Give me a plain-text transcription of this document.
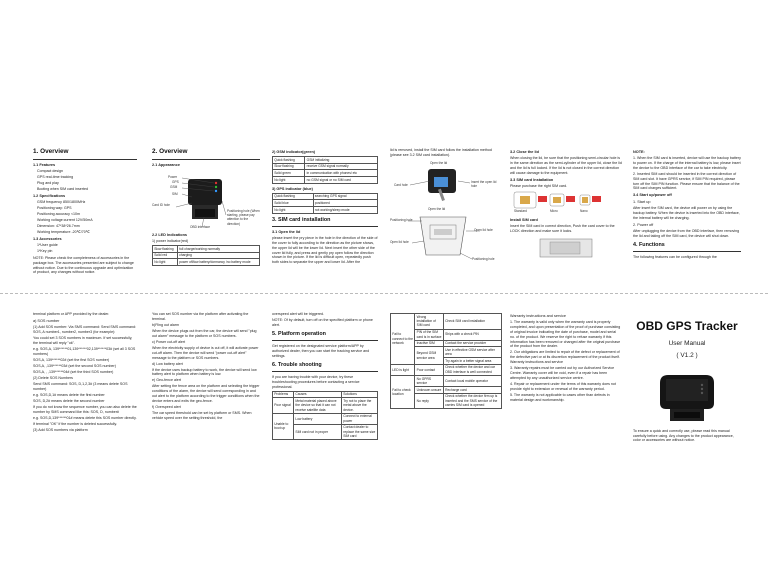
1. Overview
1.1 Features

Compact design

GPS real-time tracking

Plug and play

Booting when SIM card inserted

1.2 Specifications

GSM frequency 850/1800MHz

Positioning way: GPS

Positioning accuracy <10m

Working voltage:current 12V/50mA

Dimension: 47*38*26.7mm

Working temperature -20℃/70℃

1.3 Accessories

1*User guide

1*Key pin

NOTE: Please check the completeness of accessories in the package box. The accessories presented are subject to change without notice. Due to the continuous upgrade and optimization of product, any changes without notice.

2. Overview
2.1 Appearance
Power
GPS
GSM
SIM
Card ID hole
Positioning hole (When starting, please pay attention to the direction)
OBD interface
2.2 LED Indications

1) power indicator(red)

Slow flashing	full charge/working normally
Solid red	charging
No light	power off/low battery/dormancy /no battery mode
2) GSM indicator(green)
Quick flashing	GSM initializing
Slow flashing	receive GSM signal normally
Solid green	in communication with phones/ etc
No light	no GSM signal or no SIM card
3) GPS indicator (blue)
Quick flashing	searching GPS signal
Solid blue	positioned
No light	not working/sleep mode
3. SIM card installation
3.1 Open the lid

please insert the pry piece in the hole in the direction of the side of the cover to fully according to the direction as the picture shows, the upper lid will be the lower lid. Next insert the other side of the cover lid fully, and press and gently pry open follow the direction shown in the picture. If the lid is difficult open, repeatedly push both sides to separate the upper and lower lid. After the

lid is removed, install the SIM card follow the installation method (please see 3.2 SIM card installation).

Open the lid
Card hole
Insert the open lid hole
Open the lid
Positioning hole
Open lid hole
Open lid hole
Positioning hole
3.2 Close the lid

When closing the lid, be sure that the positioning semi-circular hole is in the same direction as the semi-cylinder of the upper lid, close the lid and the lid is full locked. If the lid is not closed in the correct direction will cause damage to the equipment.

3.3 SIM card Installation

Please purchase the right SIM card.

Standard	Micro	Nano
Install SIM card

Insert the SIM card in correct direction, Push the card cover to the LOCK direction and make sure it locks.

NOTE:

1. When the SIM card is inserted, device will use the backup battery to power on. If the charge of the internal battery is low, please insert the device to the OBD interface of the car to take electricity.

2. Inserted SIM card should be inserted in the correct direction of SIM card slot. It have GPRS service, if SIM PIN required, please turn off the SIM PIN function. Please ensure that the balance of the SIM card charges sufficient.

3.4 Start up/power off
1. Start up

After insert the SIM card, the device will power on by using the backup battery. When the device is inserted into the OBD interface, the internal battery will be charging.

2. Power off

After unplugging the device from the OBD interface, then removing the lid and taking off the SIM card, the device will shut down.

4. Functions

The following features can be configured through the

terminal platform or APP provided by the dealer.

a) SOS number

(1) Add SOS number: Via SMS command: Send SMS command: SOS, A number1, number2, number3 (for example):

You could set 3 SOS numbers in maximum. If set successfully, the terminal will reply "ok".

e.g. SOS,A, 139******01,139******02,139******03# (set all 3 SOS numbers)

SOS,A, 139******02# (set the first SOS number)

SOS,A, ,139******03# (set the second SOS number)

SOS,A, , ,139******04# (set the third SOS number)

(2) Delete SOS Numbers

Send SMS command: SOS, D,1,2,3# (3 means delete SOS number)

e.g. SOS,D,1# means delete the first number

SOS, D,2# means delete the second number

If you do not know the sequence number, you can also delete the number by SMS command like this: SOS, D, number#

e.g. SOS,D,139******01# means delete this SOS number directly.

If terminal "OK" if the number is deleted successfully.

(3) Add SOS numbers via platform

You can set SOS number via the platform after activating the terminal.

b)Fling out alarm

When the device plugs out from the car, the device will send "plug out alarm" message to the platform or SOS numbers.

c) Power cut-off alert

When the electricity supply of device is cut off, it will activate power cut-off alarm. Then the device will send "power cut-off alert" message to the platform or SOS numbers.

d) Low battery alert

If the device uses backup battery to work, the device will send low battery alert to platform when battery is low.

e) Geo-fence alert

After setting the fence area on the platform and selecting the trigger conditions of the alarm, the device will send corresponding in and out alert to the platform according to the trigger conditions when the device enters and exits the geo-fence.

f) Overspeed alert

The car speed threshold can be set by platform or SMS. When vehicle speed over the setting threshold, the

overspeed alert will be triggered.

NOTE: Of by default, turn off on the specified platform or phone alert.

5. Platform operation

Get registered on the designated service platform/APP by authorized dealer, then you can start the tracking service and settings.

6. Trouble shooting

If you are having trouble with your device, try these troubleshooting procedures before contacting a service professional.

Problems	Causes	Solutions
Poor signal	Metal material placed above the device so that it can not receive satellite data	Try not to place the metal above the device.
Unable to boot up	Low battery	Connect to external power
	SIM card not in proper	Contact dealer to replace the same size SIM card
Fail to connect to the network	Wrong installation of SIM card	Check SIM card installation
	PIN of the SIM card is in surface	Ships with a check PIN
	Inactive SIM	Contact the service provider
	Beyond GSM service area	Use in effective GSM service after area
		Try again in a better signal area
LED is light	Poor contact	Check whether the device and car OBD interface is well connected
Fail to check location	No GPRS service	Contact local mobile operator
	Unknown unsure	Recharge card
	No reply	Check whether the device firm up is inserted and the SMS service of the carries SIM card is opened
Warranty instructions and service

1. The warranty is valid only when the warranty card is properly completed, and upon presentation of the proof of purchase consisting of original invoice indicating the date of purchase, model and serial no. of the product. We reserve the right to refuse warranty if this information has been removed or changed after the original purchase of the product from the dealer.

2. Our obligations are limited to repair of the defect or replacement of the defective part or at its discretion replacement of the product itself. Warranty instructions and service

3. Warranty repairs must be carried out by our Authorized Service Centre. Warranty cover will be void, even if a repair has been attempted by any unauthorized service centre.

4. Repair or replacement under the terms of this warranty does not provide right to extension or renewal of the warranty period.

5. The warranty is not applicable to cases other than defects in material design and workmanship.

OBD GPS Tracker
User Manual
( V1.2 )

To ensure a quick and correctly use, please read this manual carefully before using. Any changes to the product appearance, color or accessories are without notice.
